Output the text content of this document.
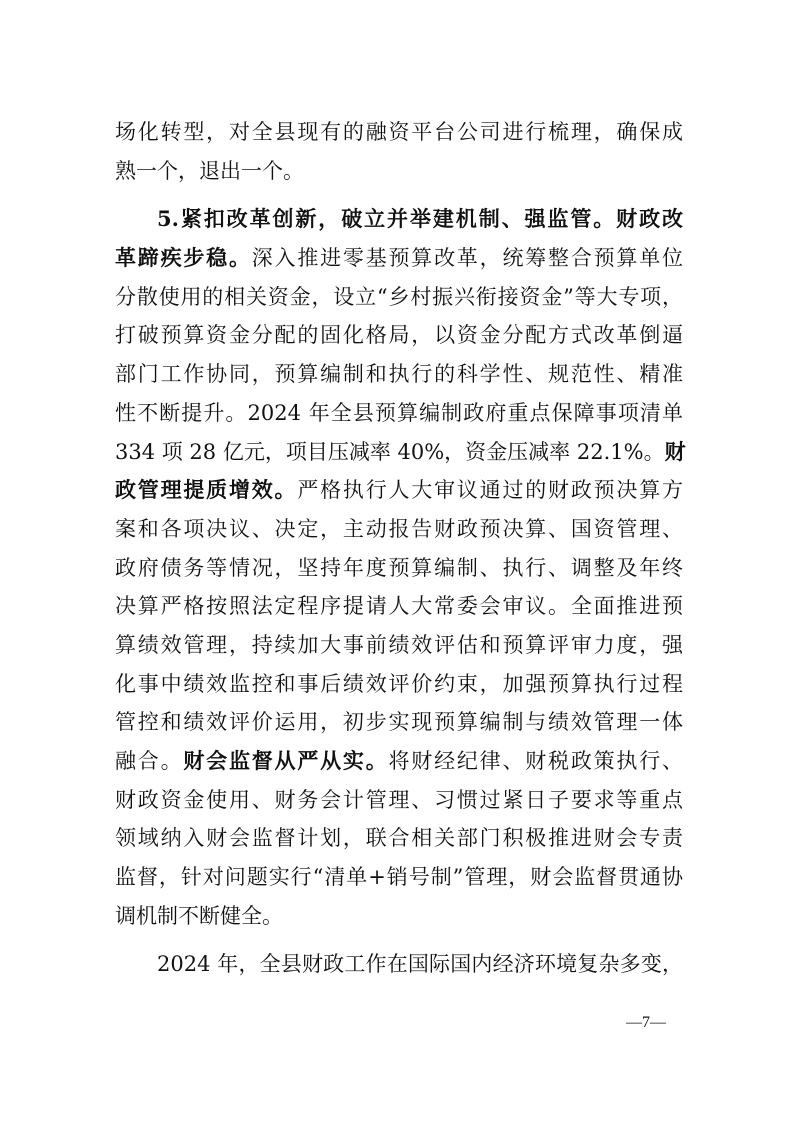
场化转型，对全县现有的融资平台公司进行梳理，确保成
熟一个，退出一个。
5.紧扣改革创新，破立并举建机制、强监管。财政改
革蹄疾步稳。深入推进零基预算改革，统筹整合预算单位
分散使用的相关资金，设立“乡村振兴衔接资金”等大专项，
打破预算资金分配的固化格局，以资金分配方式改革倒逼
部门工作协同，预算编制和执行的科学性、规范性、精准
性不断提升。2024 年全县预算编制政府重点保障事项清单
334 项 28 亿元，项目压减率 40%，资金压减率 22.1%。财
政管理提质增效。严格执行人大审议通过的财政预决算方
案和各项决议、决定，主动报告财政预决算、国资管理、
政府债务等情况，坚持年度预算编制、执行、调整及年终
决算严格按照法定程序提请人大常委会审议。全面推进预
算绩效管理，持续加大事前绩效评估和预算评审力度，强
化事中绩效监控和事后绩效评价约束，加强预算执行过程
管控和绩效评价运用，初步实现预算编制与绩效管理一体
融合。财会监督从严从实。将财经纪律、财税政策执行、
财政资金使用、财务会计管理、习惯过紧日子要求等重点
领域纳入财会监督计划，联合相关部门积极推进财会专责
监督，针对问题实行“清单+销号制”管理，财会监督贯通协
调机制不断健全。
2024 年，全县财政工作在国际国内经济环境复杂多变，
—7—
